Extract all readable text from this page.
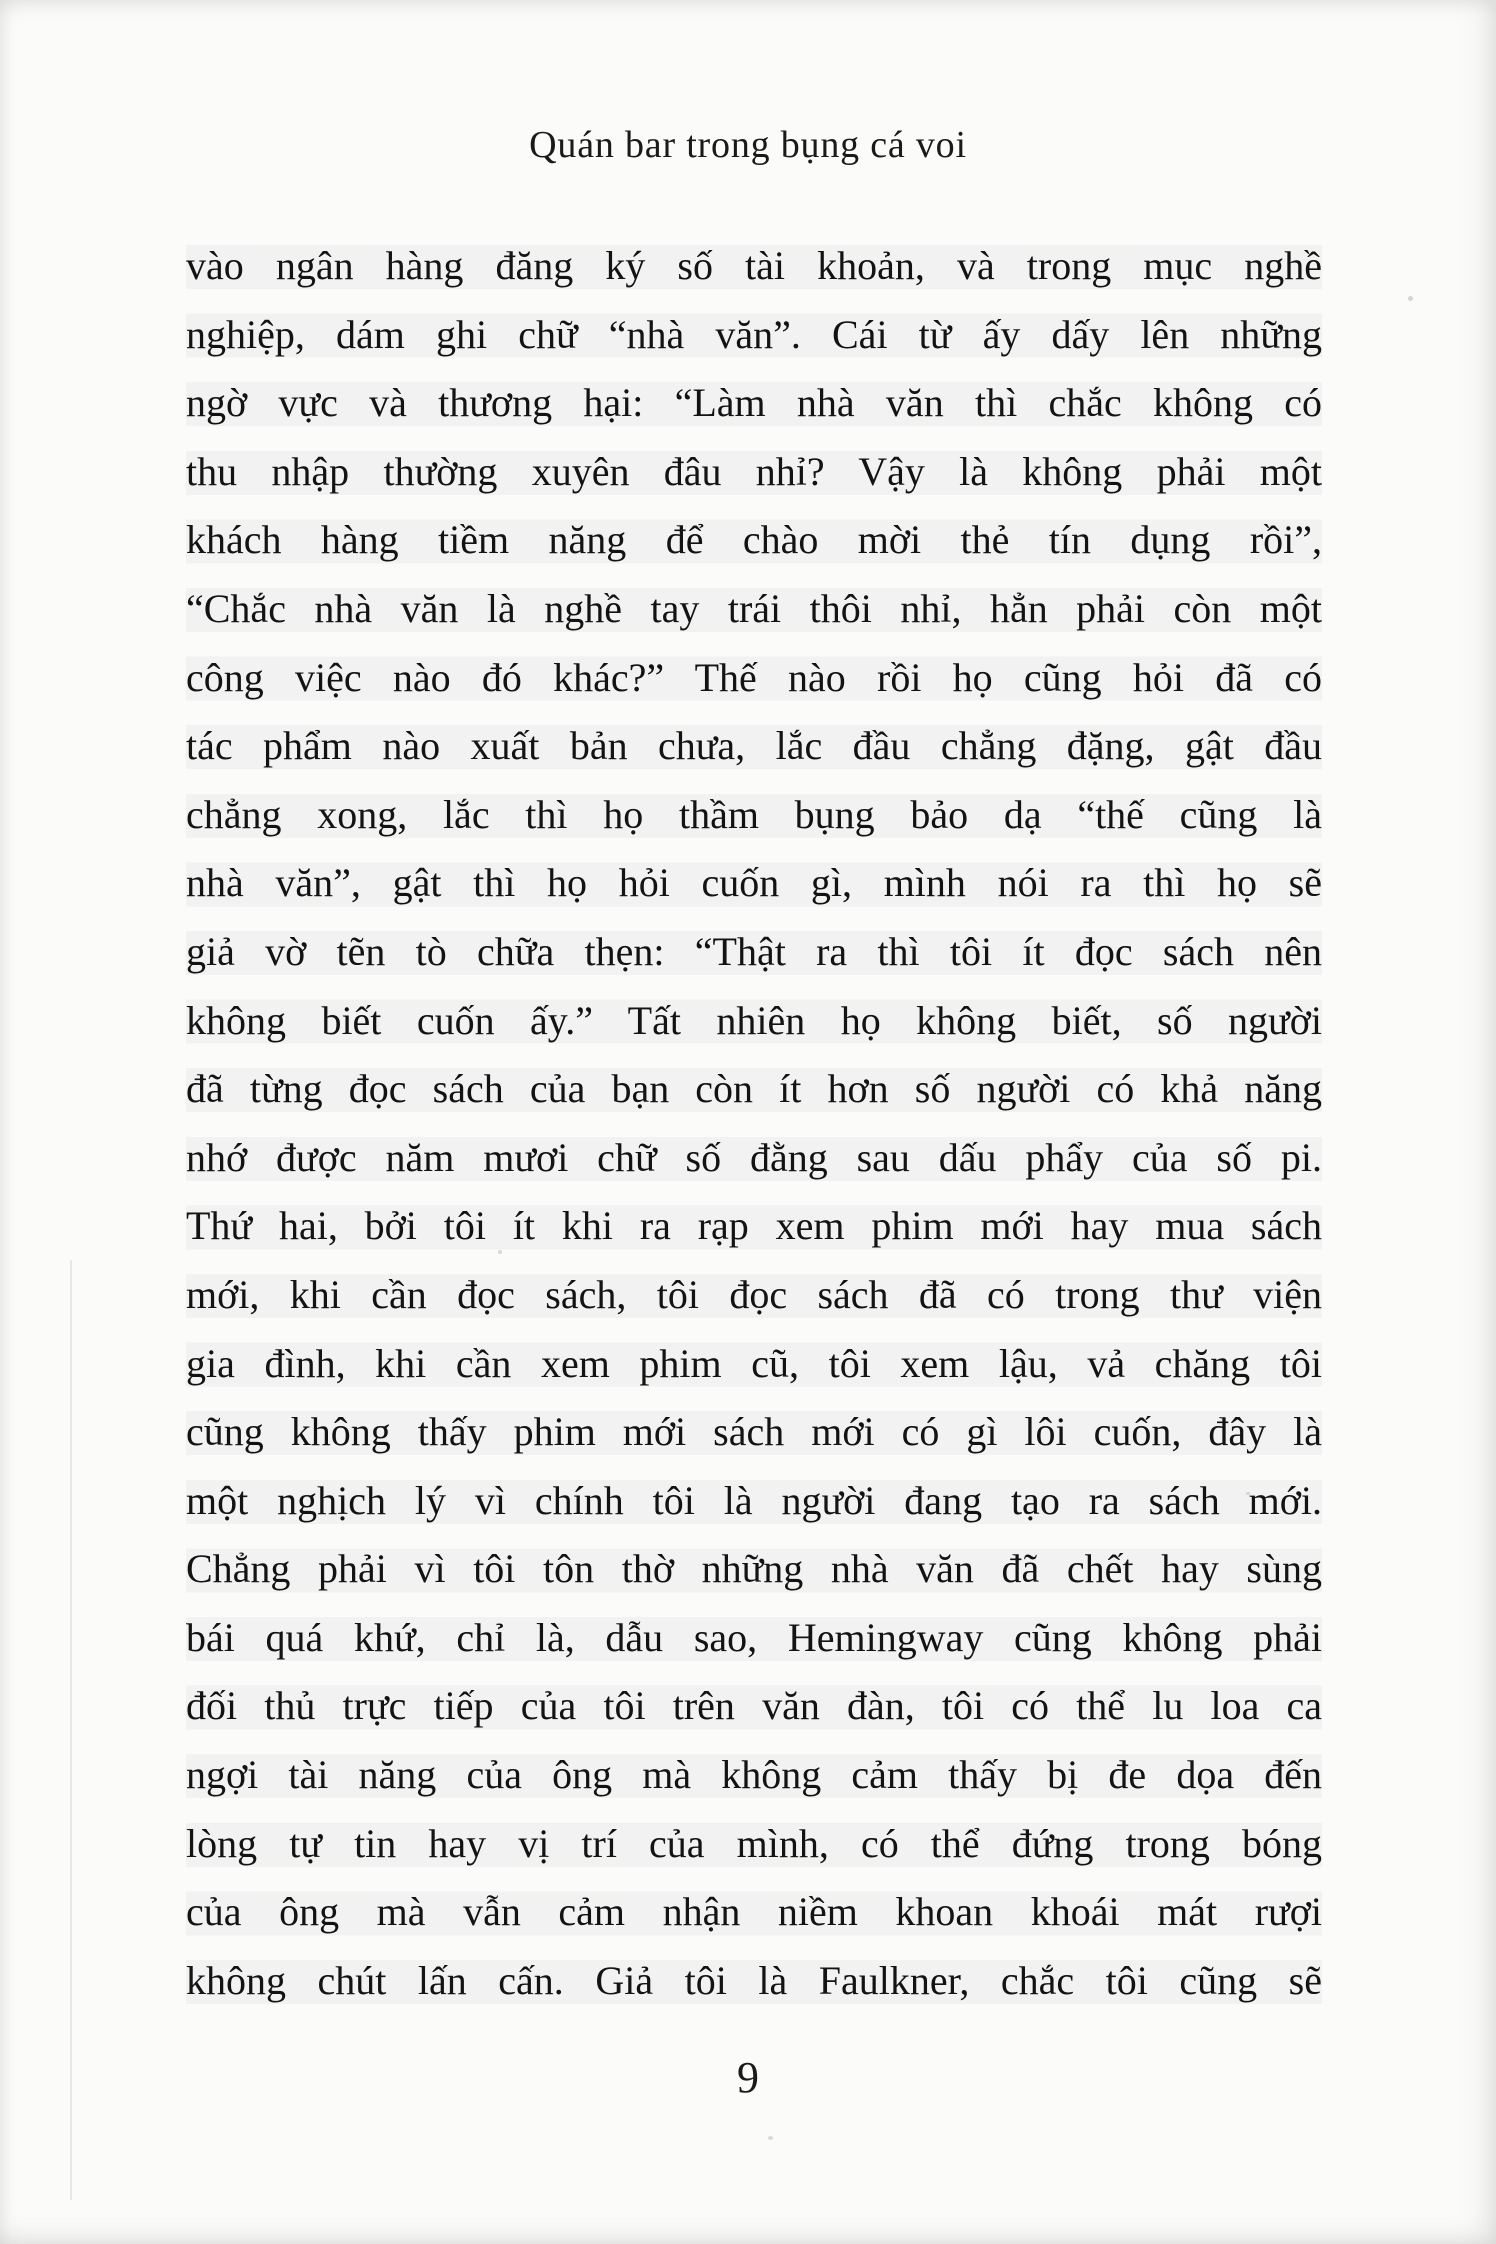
Quán bar trong bụng cá voi
vào ngân hàng đăng ký số tài khoản, và trong mục nghề
nghiệp, dám ghi chữ “nhà văn”. Cái từ ấy dấy lên những
ngờ vực và thương hại: “Làm nhà văn thì chắc không có
thu nhập thường xuyên đâu nhỉ? Vậy là không phải một
khách hàng tiềm năng để chào mời thẻ tín dụng rồi”,
“Chắc nhà văn là nghề tay trái thôi nhỉ, hẳn phải còn một
công việc nào đó khác?” Thế nào rồi họ cũng hỏi đã có
tác phẩm nào xuất bản chưa, lắc đầu chẳng đặng, gật đầu
chẳng xong, lắc thì họ thầm bụng bảo dạ “thế cũng là
nhà văn”, gật thì họ hỏi cuốn gì, mình nói ra thì họ sẽ
giả vờ tẽn tò chữa thẹn: “Thật ra thì tôi ít đọc sách nên
không biết cuốn ấy.” Tất nhiên họ không biết, số người
đã từng đọc sách của bạn còn ít hơn số người có khả năng
nhớ được năm mươi chữ số đằng sau dấu phẩy của số pi.
Thứ hai, bởi tôi ít khi ra rạp xem phim mới hay mua sách
mới, khi cần đọc sách, tôi đọc sách đã có trong thư viện
gia đình, khi cần xem phim cũ, tôi xem lậu, vả chăng tôi
cũng không thấy phim mới sách mới có gì lôi cuốn, đây là
một nghịch lý vì chính tôi là người đang tạo ra sách mới.
Chẳng phải vì tôi tôn thờ những nhà văn đã chết hay sùng
bái quá khứ, chỉ là, dẫu sao, Hemingway cũng không phải
đối thủ trực tiếp của tôi trên văn đàn, tôi có thể lu loa ca
ngợi tài năng của ông mà không cảm thấy bị đe dọa đến
lòng tự tin hay vị trí của mình, có thể đứng trong bóng
của ông mà vẫn cảm nhận niềm khoan khoái mát rượi
không chút lấn cấn. Giả tôi là Faulkner, chắc tôi cũng sẽ
9
